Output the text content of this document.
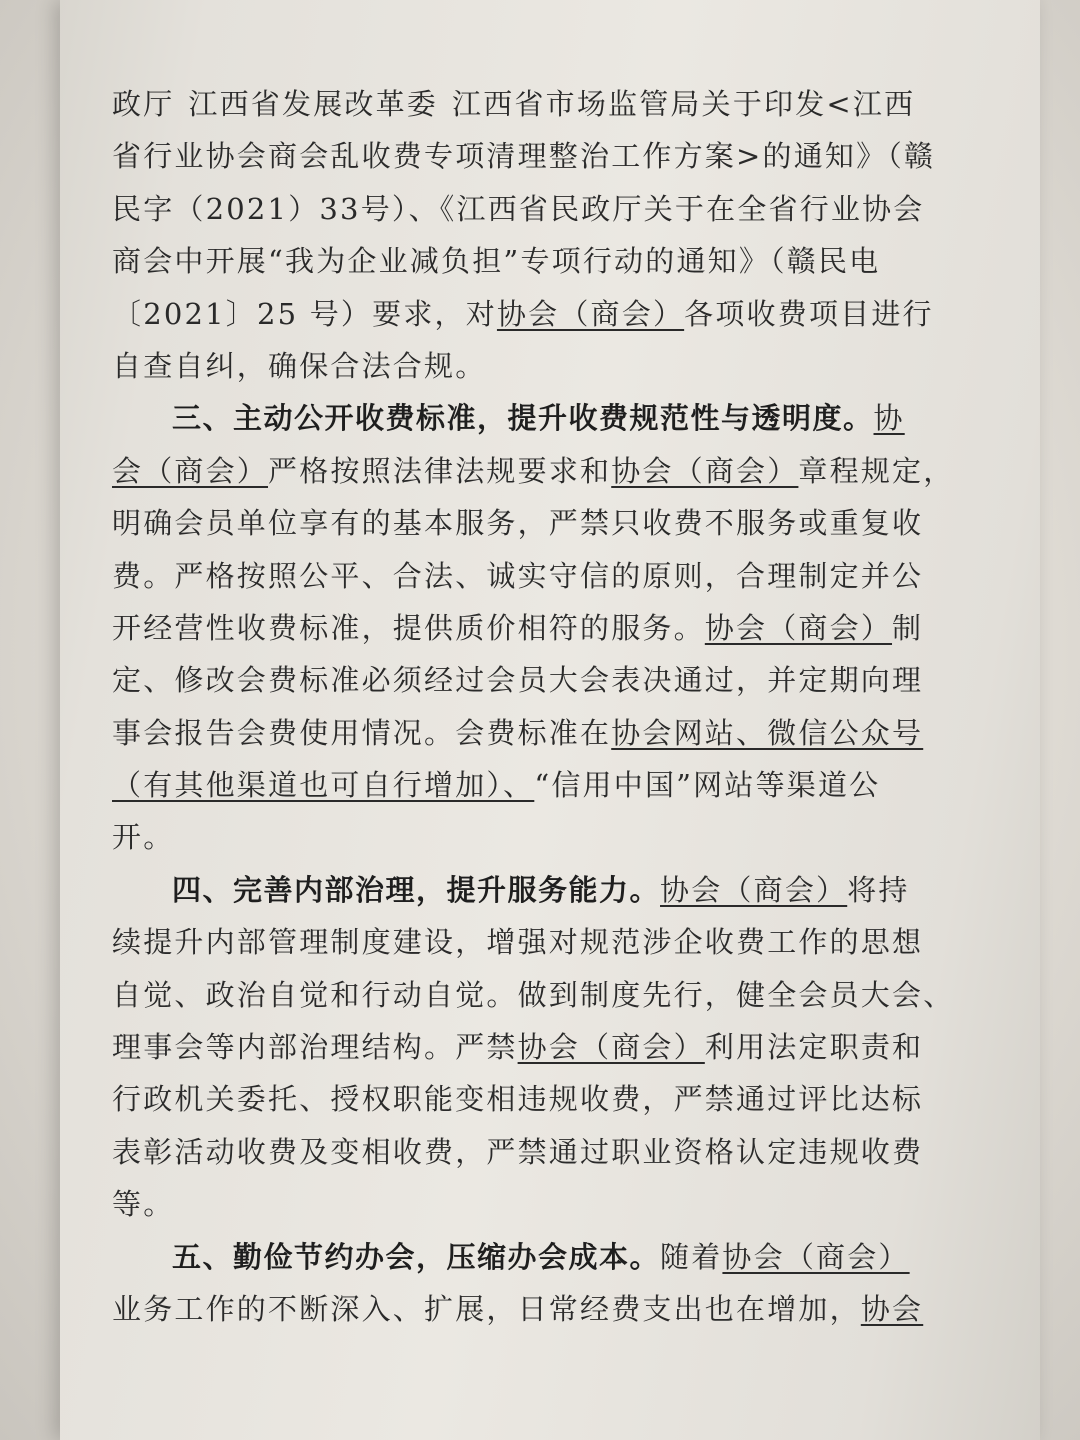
政厅 江西省发展改革委 江西省市场监管局关于印发<江西
省行业协会商会乱收费专项清理整治工作方案>的通知》（赣
民字（2021）33号）、《江西省民政厅关于在全省行业协会
商会中开展“我为企业减负担”专项行动的通知》（赣民电
〔2021〕25 号）要求，对协会（商会）各项收费项目进行
自查自纠，确保合法合规。
三、主动公开收费标准，提升收费规范性与透明度。协
会（商会）严格按照法律法规要求和协会（商会）章程规定，
明确会员单位享有的基本服务，严禁只收费不服务或重复收
费。严格按照公平、合法、诚实守信的原则，合理制定并公
开经营性收费标准，提供质价相符的服务。协会（商会）制
定、修改会费标准必须经过会员大会表决通过，并定期向理
事会报告会费使用情况。会费标准在协会网站、微信公众号
（有其他渠道也可自行增加）、“信用中国”网站等渠道公
开。
四、完善内部治理，提升服务能力。协会（商会）将持
续提升内部管理制度建设，增强对规范涉企收费工作的思想
自觉、政治自觉和行动自觉。做到制度先行，健全会员大会、
理事会等内部治理结构。严禁协会（商会）利用法定职责和
行政机关委托、授权职能变相违规收费，严禁通过评比达标
表彰活动收费及变相收费，严禁通过职业资格认定违规收费
等。
五、勤俭节约办会，压缩办会成本。随着协会（商会）
业务工作的不断深入、扩展，日常经费支出也在增加，协会
